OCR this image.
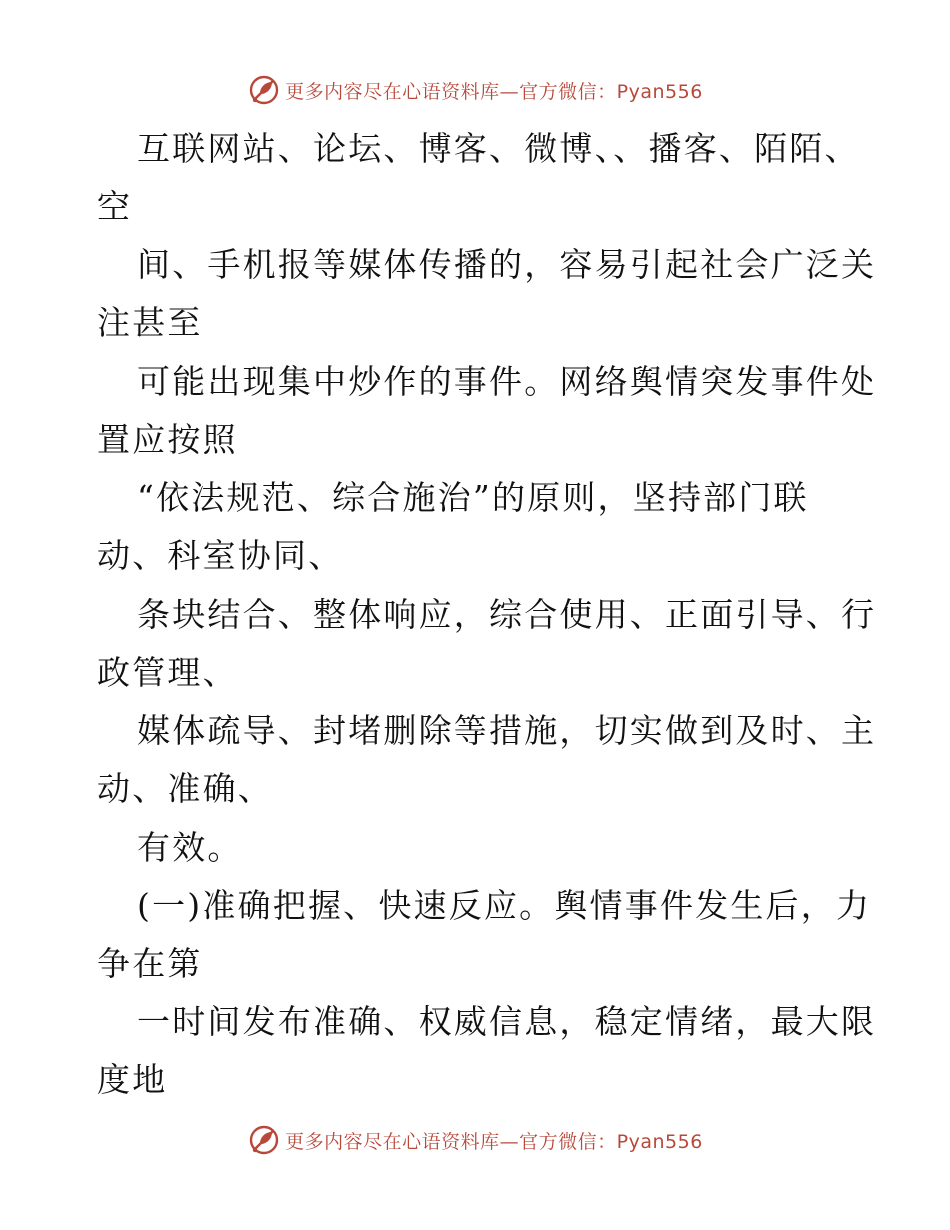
更多内容尽在心语资料库—官方微信：Pyan556
互联网站、论坛、博客、微博、、播客、陌陌、
空
间、手机报等媒体传播的，容易引起社会广泛关
注甚至
可能出现集中炒作的事件。网络舆情突发事件处
置应按照
“依法规范、综合施治”的原则，坚持部门联
动、科室协同、
条块结合、整体响应，综合使用、正面引导、行
政管理、
媒体疏导、封堵删除等措施，切实做到及时、主
动、准确、
有效。
(一)准确把握、快速反应。舆情事件发生后，力
争在第
一时间发布准确、权威信息，稳定情绪，最大限
度地
更多内容尽在心语资料库—官方微信：Pyan556
